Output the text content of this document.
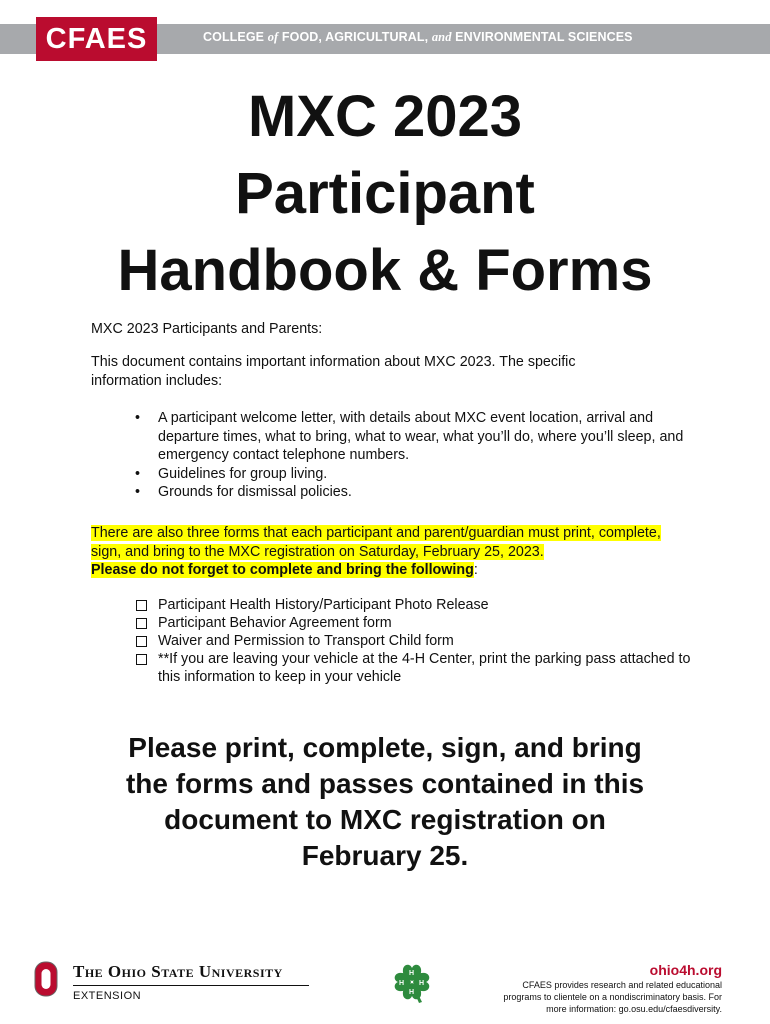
CFAES	COLLEGE of FOOD, AGRICULTURAL, and ENVIRONMENTAL SCIENCES
MXC 2023
Participant
Handbook & Forms
MXC 2023 Participants and Parents:
This document contains important information about MXC 2023. The specific information includes:
• A participant welcome letter, with details about MXC event location, arrival and departure times, what to bring, what to wear, what you’ll do, where you’ll sleep, and emergency contact telephone numbers.
• Guidelines for group living.
• Grounds for dismissal policies.
There are also three forms that each participant and parent/guardian must print, complete, sign, and bring to the MXC registration on Saturday, February 25, 2023.
Please do not forget to complete and bring the following:
Participant Health History/Participant Photo Release
Participant Behavior Agreement form
Waiver and Permission to Transport Child form
**If you are leaving your vehicle at the 4-H Center, print the parking pass attached to this information to keep in your vehicle
Please print, complete, sign, and bring
the forms and passes contained in this
document to MXC registration on
February 25.
The Ohio State University
EXTENSION
H
H
H H
ohio4h.org
CFAES provides research and related educational programs to clientele on a nondiscriminatory basis. For more information: go.osu.edu/cfaesdiversity.
